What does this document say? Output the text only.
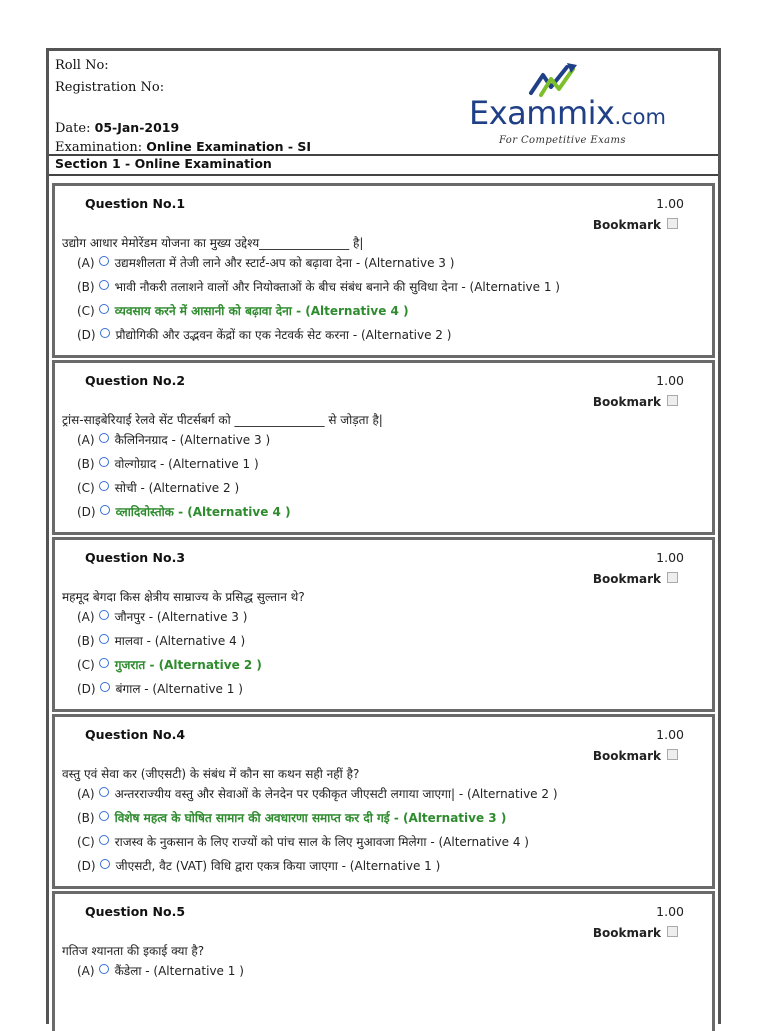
Roll No:
Registration No:
Date: 05-Jan-2019
Examination: Online Examination - SI
Exammix.com
For Competitive Exams
Section 1 - Online Examination
Question No.1	1.00
Bookmark
उद्योग आधार मेमोरेंडम योजना का मुख्य उद्देश्य_______________ है|
(A) उद्यमशीलता में तेजी लाने और स्टार्ट-अप को बढ़ावा देना - (Alternative 3 )
(B) भावी नौकरी तलाशने वालों और नियोक्ताओं के बीच संबंध बनाने की सुविधा देना - (Alternative 1 )
(C) व्यवसाय करने में आसानी को बढ़ावा देना - (Alternative 4 )
(D) प्रौद्योगिकी और उद्भवन केंद्रों का एक नेटवर्क सेट करना - (Alternative 2 )
Question No.2	1.00
Bookmark
ट्रांस-साइबेरियाई रेलवे सेंट पीटर्सबर्ग को _______________ से जोड़ता है|
(A) कैलिनिनग्राद - (Alternative 3 )
(B) वोल्गोग्राद - (Alternative 1 )
(C) सोची - (Alternative 2 )
(D) व्लादिवोस्तोक - (Alternative 4 )
Question No.3	1.00
Bookmark
महमूद बेगदा किस क्षेत्रीय साम्राज्य के प्रसिद्ध सुल्तान थे?
(A) जौनपुर - (Alternative 3 )
(B) मालवा - (Alternative 4 )
(C) गुजरात - (Alternative 2 )
(D) बंगाल - (Alternative 1 )
Question No.4	1.00
Bookmark
वस्तु एवं सेवा कर (जीएसटी) के संबंध में कौन सा कथन सही नहीं है?
(A) अन्तरराज्यीय वस्तु और सेवाओं के लेनदेन पर एकीकृत जीएसटी लगाया जाएगा| - (Alternative 2 )
(B) विशेष महत्व के घोषित सामान की अवधारणा समाप्त कर दी गई - (Alternative 3 )
(C) राजस्व के नुकसान के लिए राज्यों को पांच साल के लिए मुआवजा मिलेगा - (Alternative 4 )
(D) जीएसटी, वैट (VAT) विधि द्वारा एकत्र किया जाएगा - (Alternative 1 )
Question No.5	1.00
Bookmark
गतिज श्यानता की इकाई क्या है?
(A) कैंडेला - (Alternative 1 )
